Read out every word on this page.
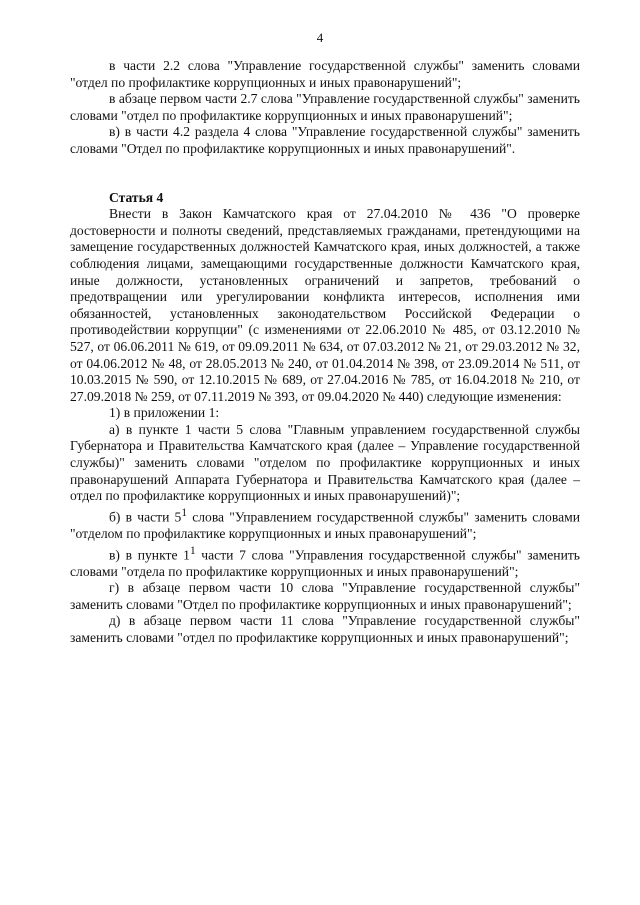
4

в части 2.2 слова "Управление государственной службы" заменить словами "отдел по профилактике коррупционных и иных правонарушений";

в абзаце первом части 2.7 слова "Управление государственной службы" заменить словами "отдел по профилактике коррупционных и иных правонарушений";

в) в части 4.2 раздела 4 слова "Управление государственной службы" заменить словами "Отдел по профилактике коррупционных и иных правонарушений".

Статья 4

Внести в Закон Камчатского края от 27.04.2010 № 436 "О проверке достоверности и полноты сведений, представляемых гражданами, претендующими на замещение государственных должностей Камчатского края, иных должностей, а также соблюдения лицами, замещающими государственные должности Камчатского края, иные должности, установленных ограничений и запретов, требований о предотвращении или урегулировании конфликта интересов, исполнения ими обязанностей, установленных законодательством Российской Федерации о противодействии коррупции" (с изменениями от 22.06.2010 № 485, от 03.12.2010 № 527, от 06.06.2011 № 619, от 09.09.2011 № 634, от 07.03.2012 № 21, от 29.03.2012 № 32, от 04.06.2012 № 48, от 28.05.2013 № 240, от 01.04.2014 № 398, от 23.09.2014 № 511, от 10.03.2015 № 590, от 12.10.2015 № 689, от 27.04.2016 № 785, от 16.04.2018 № 210, от 27.09.2018 № 259, от 07.11.2019 № 393, от 09.04.2020 № 440) следующие изменения:

1) в приложении 1:

а) в пункте 1 части 5 слова "Главным управлением государственной службы Губернатора и Правительства Камчатского края (далее – Управление государственной службы)" заменить словами "отделом по профилактике коррупционных и иных правонарушений Аппарата Губернатора и Правительства Камчатского края (далее – отдел по профилактике коррупционных и иных правонарушений)";

б) в части $5^1$ слова "Управлением государственной службы" заменить словами "отделом по профилактике коррупционных и иных правонарушений";

в) в пункте $1^1$ части 7 слова "Управления государственной службы" заменить словами "отдела по профилактике коррупционных и иных правонарушений";

г) в абзаце первом части 10 слова "Управление государственной службы" заменить словами "Отдел по профилактике коррупционных и иных правонарушений";

д) в абзаце первом части 11 слова "Управление государственной службы" заменить словами "отдел по профилактике коррупционных и иных правонарушений";
